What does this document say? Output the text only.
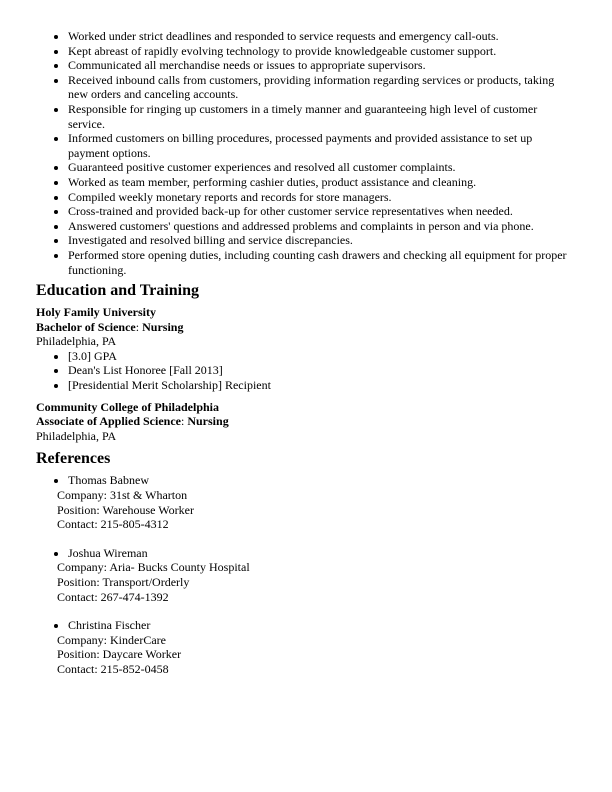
• Worked under strict deadlines and responded to service requests and emergency call-outs.
• Kept abreast of rapidly evolving technology to provide knowledgeable customer support.
• Communicated all merchandise needs or issues to appropriate supervisors.
• Received inbound calls from customers, providing information regarding services or products, taking new orders and canceling accounts.
• Responsible for ringing up customers in a timely manner and guaranteeing high level of customer service.
• Informed customers on billing procedures, processed payments and provided assistance to set up payment options.
• Guaranteed positive customer experiences and resolved all customer complaints.
• Worked as team member, performing cashier duties, product assistance and cleaning.
• Compiled weekly monetary reports and records for store managers.
• Cross-trained and provided back-up for other customer service representatives when needed.
• Answered customers' questions and addressed problems and complaints in person and via phone.
• Investigated and resolved billing and service discrepancies.
• Performed store opening duties, including counting cash drawers and checking all equipment for proper functioning.
Education and Training
Holy Family University
Bachelor of Science: Nursing
Philadelphia, PA
• [3.0] GPA
• Dean's List Honoree [Fall 2013]
• [Presidential Merit Scholarship] Recipient
Community College of Philadelphia
Associate of Applied Science: Nursing
Philadelphia, PA
References
• Thomas Babnew
Company: 31st & Wharton
Position: Warehouse Worker
Contact: 215-805-4312
• Joshua Wireman
Company: Aria- Bucks County Hospital
Position: Transport/Orderly
Contact: 267-474-1392
• Christina Fischer
Company: KinderCare
Position: Daycare Worker
Contact: 215-852-0458
